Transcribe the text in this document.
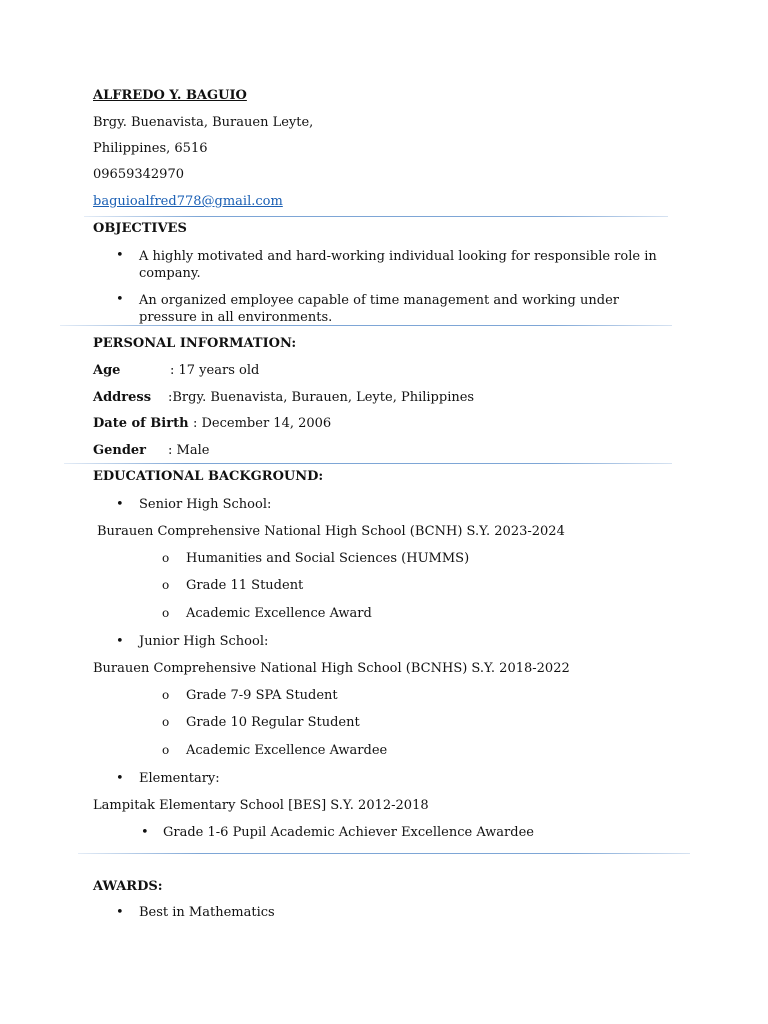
ALFREDO Y. BAGUIO
Brgy. Buenavista, Burauen Leyte,
Philippines, 6516
09659342970
baguioalfred778@gmail.com
OBJECTIVES
• A highly motivated and hard-working individual looking for responsible role in company.
• An organized employee capable of time management and working under pressure in all environments.
PERSONAL INFORMATION:
Age	: 17 years old
Address :Brgy. Buenavista, Burauen, Leyte, Philippines
Date of Birth : December 14, 2006
Gender : Male
EDUCATIONAL BACKGROUND:
• Senior High School:
Burauen Comprehensive National High School (BCNH) S.Y. 2023-2024
o Humanities and Social Sciences (HUMMS)
o Grade 11 Student
o Academic Excellence Award
• Junior High School:
Burauen Comprehensive National High School (BCNHS) S.Y. 2018-2022
o Grade 7-9 SPA Student
o Grade 10 Regular Student
o Academic Excellence Awardee
• Elementary:
Lampitak Elementary School [BES] S.Y. 2012-2018
• Grade 1-6 Pupil Academic Achiever Excellence Awardee
AWARDS:
• Best in Mathematics
